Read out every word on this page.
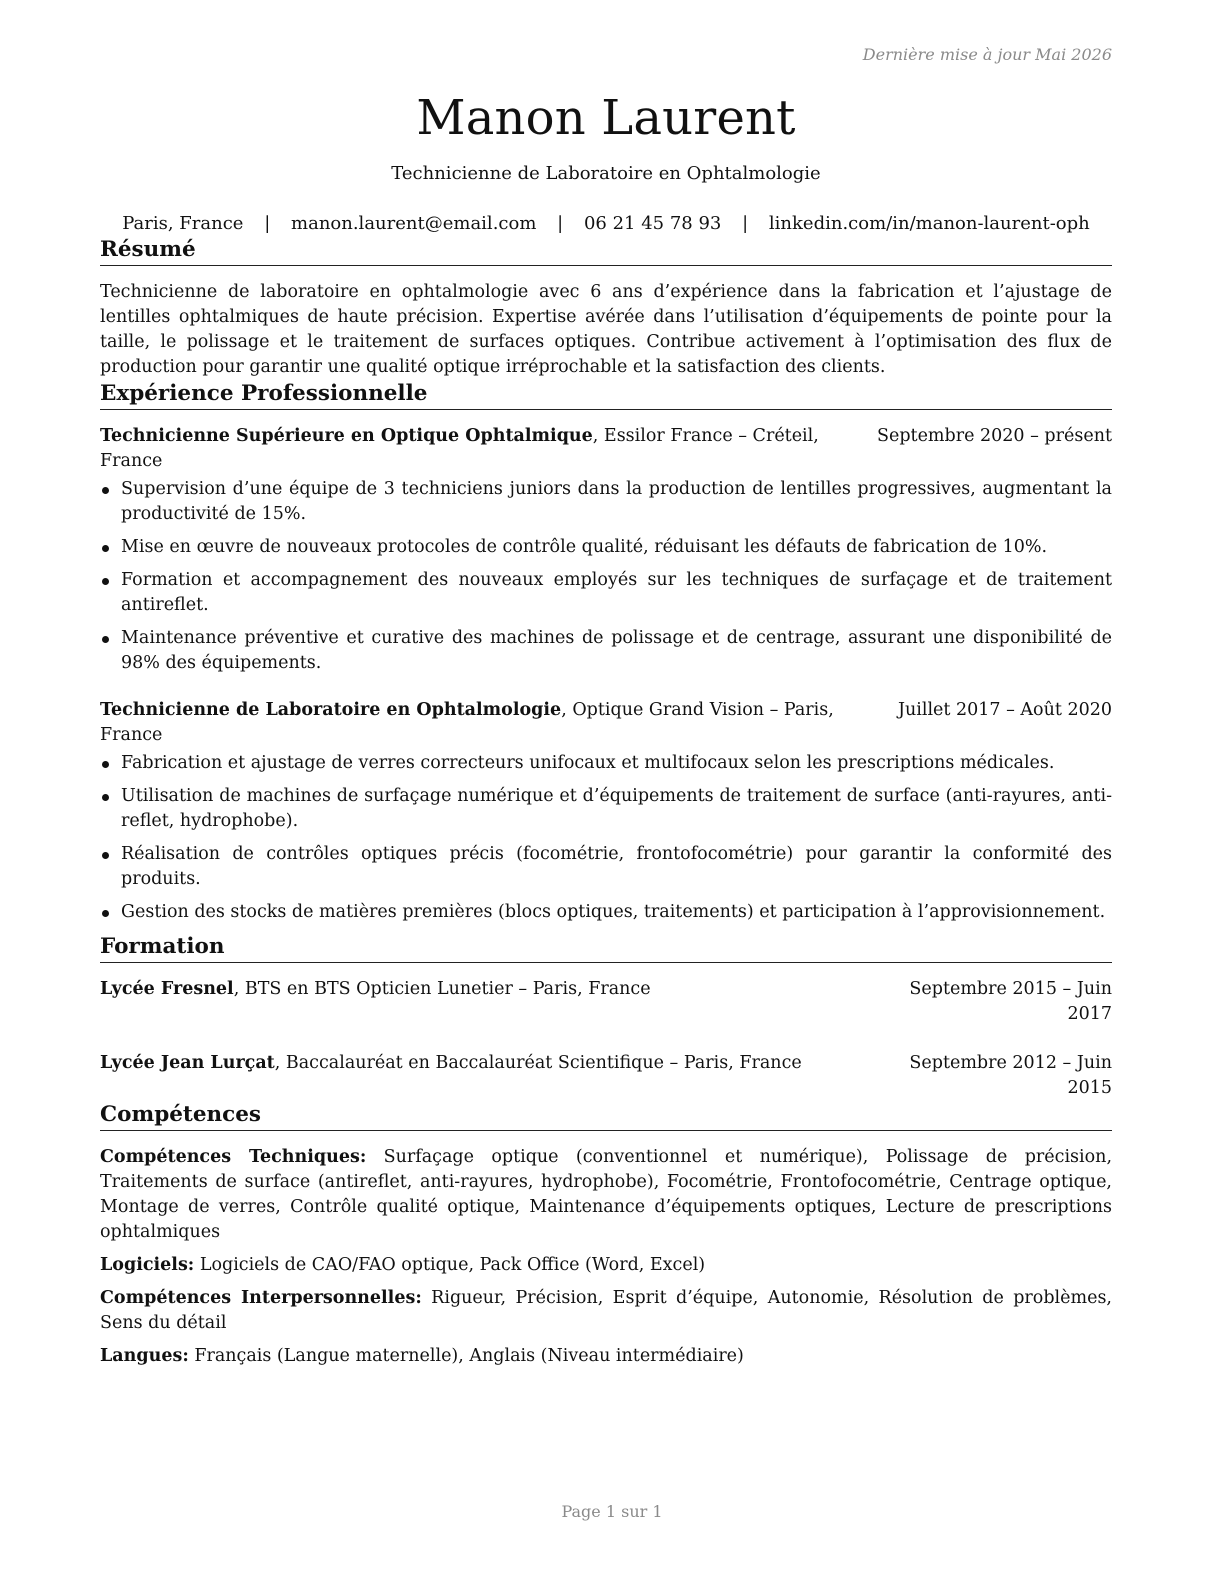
Dernière mise à jour Mai 2026
Manon Laurent
Technicienne de Laboratoire en Ophtalmologie
Paris, France | manon.laurent@email.com | 06 21 45 78 93 | linkedin.com/in/manon-laurent-oph
Résumé
Technicienne de laboratoire en ophtalmologie avec 6 ans d’expérience dans la fabrication et l’ajustage de lentilles ophtalmiques de haute précision. Expertise avérée dans l’utilisation d’équipements de pointe pour la taille, le polissage et le traitement de surfaces optiques. Contribue activement à l’optimisation des flux de production pour garantir une qualité optique irréprochable et la satisfaction des clients.
Expérience Professionnelle
Technicienne Supérieure en Optique Ophtalmique, Essilor France – Créteil, France
Septembre 2020 – présent
Supervision d’une équipe de 3 techniciens juniors dans la production de lentilles progressives, augmentant la productivité de 15%.
Mise en œuvre de nouveaux protocoles de contrôle qualité, réduisant les défauts de fabrication de 10%.
Formation et accompagnement des nouveaux employés sur les techniques de surfaçage et de traitement antireflet.
Maintenance préventive et curative des machines de polissage et de centrage, assurant une disponibilité de 98% des équipements.
Technicienne de Laboratoire en Ophtalmologie, Optique Grand Vision – Paris, France
Juillet 2017 – Août 2020
Fabrication et ajustage de verres correcteurs unifocaux et multifocaux selon les prescriptions médicales.
Utilisation de machines de surfaçage numérique et d’équipements de traitement de surface (anti-rayures, anti-reflet, hydrophobe).
Réalisation de contrôles optiques précis (focométrie, frontofocométrie) pour garantir la conformité des produits.
Gestion des stocks de matières premières (blocs optiques, traitements) et participation à l’approvisionnement.
Formation
Lycée Fresnel, BTS en BTS Opticien Lunetier – Paris, France	Septembre 2015 – Juin 2017
Lycée Jean Lurçat, Baccalauréat en Baccalauréat Scientifique – Paris, France	Septembre 2012 – Juin 2015
Compétences
Compétences Techniques: Surfaçage optique (conventionnel et numérique), Polissage de précision, Traitements de surface (antireflet, anti-rayures, hydrophobe), Focométrie, Frontofocométrie, Centrage optique, Montage de verres, Contrôle qualité optique, Maintenance d’équipements optiques, Lecture de prescriptions ophtalmiques
Logiciels: Logiciels de CAO/FAO optique, Pack Office (Word, Excel)
Compétences Interpersonnelles: Rigueur, Précision, Esprit d’équipe, Autonomie, Résolution de problèmes, Sens du détail
Langues: Français (Langue maternelle), Anglais (Niveau intermédiaire)
Page 1 sur 1
